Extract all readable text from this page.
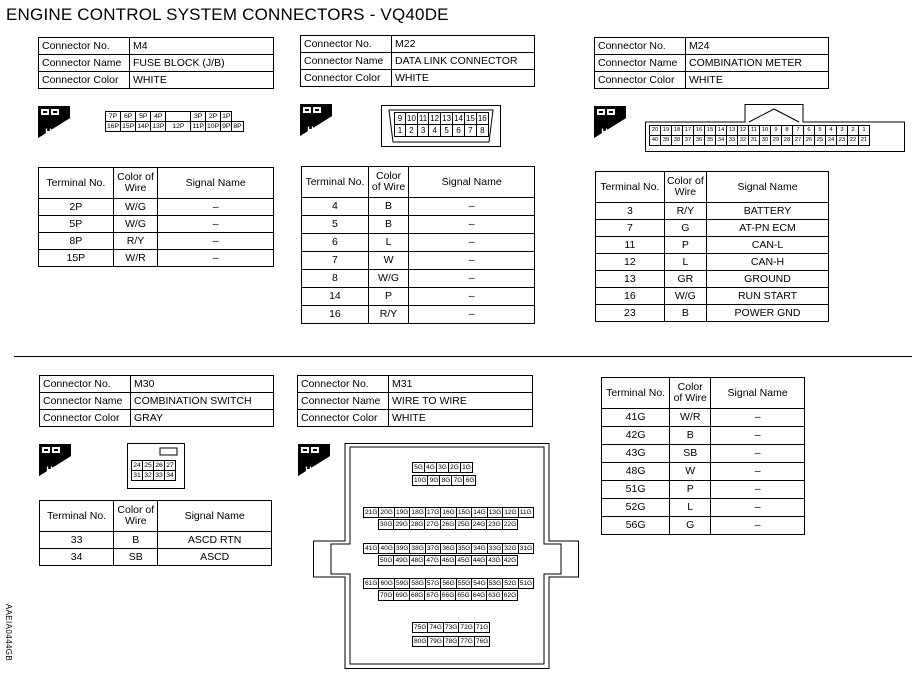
ENGINE CONTROL SYSTEM CONNECTORS - VQ40DE
Connector No.	M4
Connector Name	FUSE BLOCK (J/B)
Connector Color	WHITE
H.S.
7P	6P	5P	4P		3P	2P	1P	
16P	15P	14P	13P	12P	11P	10P	9P	8P
Terminal No.	Color of Wire	Signal Name
2P	W/G	–
5P	W/G	–
8P	R/Y	–
15P	W/R	–
Connector No.	M22
Connector Name	DATA LINK CONNECTOR
Connector Color	WHITE
H.S.
9	10	11	12	13	14	15	16
1	2	3	4	5	6	7	8
Terminal No.	Color of Wire	Signal Name
4	B	–
5	B	–
6	L	–
7	W	–
8	W/G	–
14	P	–
16	R/Y	–
Connector No.	M24
Connector Name	COMBINATION METER
Connector Color	WHITE
H.S.	20	19	18	17	16	15	14	13	12	11	10	9	8	7	6	5	4	3	2	1
40	39	38	37	36	35	34	33	32	31	30	29	28	27	26	25	24	23	22	21
Terminal No.	Color of Wire	Signal Name
3	R/Y	BATTERY
7	G	AT-PN ECM
11	P	CAN-L
12	L	CAN-H
13	GR	GROUND
16	W/G	RUN START
23	B	POWER GND
Connector No.	M30
Connector Name	COMBINATION SWITCH
Connector Color	GRAY
H.S.	24	25	26	27
31	32	33	34
Terminal No.	Color of Wire	Signal Name
33	B	ASCD RTN
34	SB	ASCD
Connector No.	M31
Connector Name	WIRE TO WIRE
Connector Color	WHITE
H.S.	5G 4G 3G 2G 1G
10G 9G 8G 7G 6G
21G 20G 19G 18G 17G 16G 15G 14G 13G 12G 11G
30G 29G 28G 27G 26G 25G 24G 23G 22G
41G 40G 39G 38G 37G 36G 35G 34G 33G 32G 31G
50G 49G 48G 47G 46G 45G 44G 43G 42G
61G 60G 59G 58G 57G 56G 55G 54G 53G 52G 51G
70G 69G 68G 67G 66G 65G 64G 63G 62G
75G 74G 73G 72G 71G
80G 79G 78G 77G 76G
Terminal No.	Color of Wire	Signal Name
41G	W/R	–
42G	B	–
43G	SB	–
48G	W	–
51G	P	–
52G	L	–
56G	G	–
AAEIA0444GB
